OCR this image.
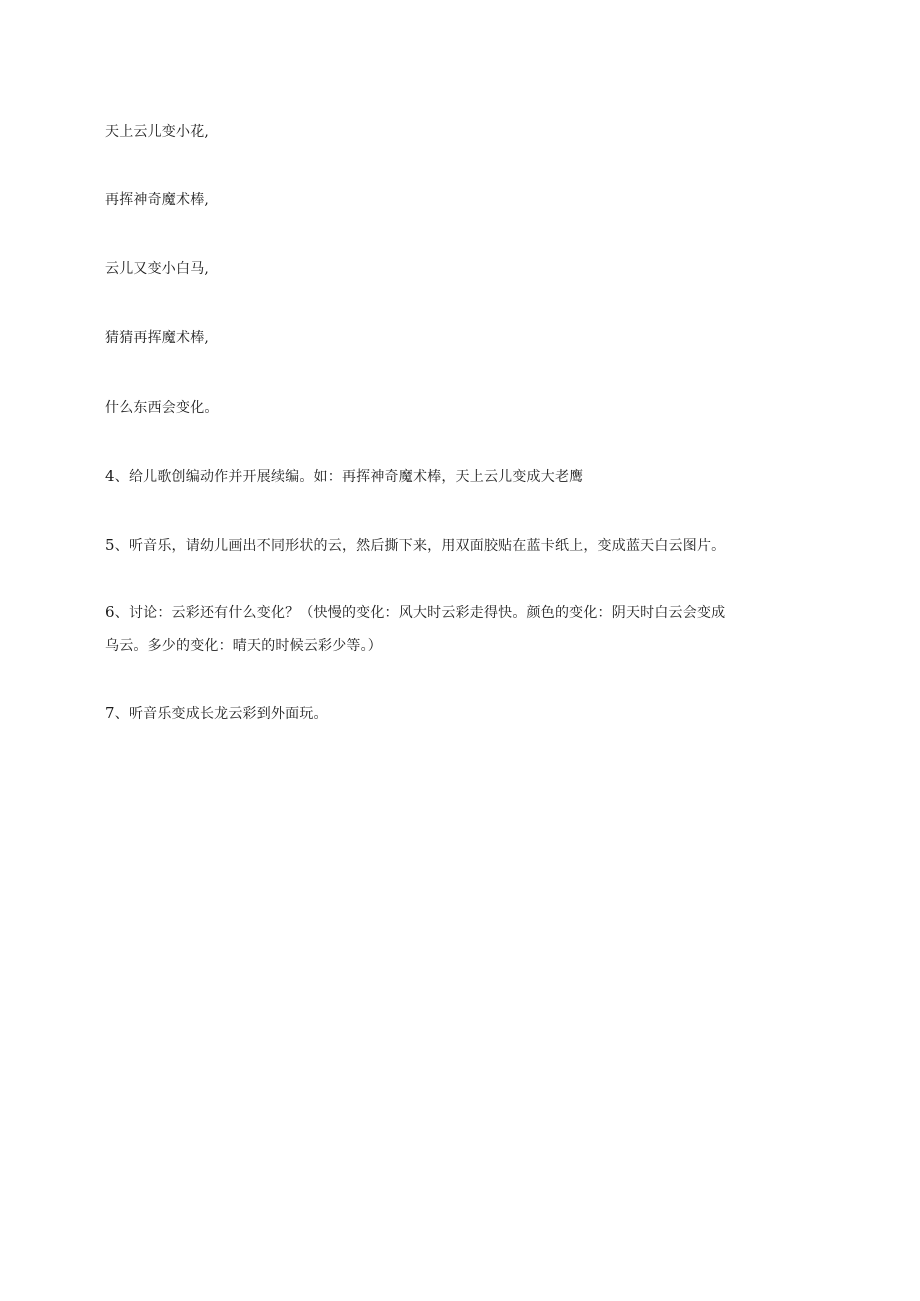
天上云儿变小花,
再挥神奇魔术棒,
云儿又变小白马,
猜猜再挥魔术棒,
什么东西会变化。
4、给儿歌创编动作并开展续编。如：再挥神奇魔术棒，天上云儿变成大老鹰
5、听音乐，请幼儿画出不同形状的云，然后撕下来，用双面胶贴在蓝卡纸上，变成蓝天白云图片。
6、讨论：云彩还有什么变化？（快慢的变化：风大时云彩走得快。颜色的变化：阴天时白云会变成
乌云。多少的变化：晴天的时候云彩少等。）
7、听音乐变成长龙云彩到外面玩。
